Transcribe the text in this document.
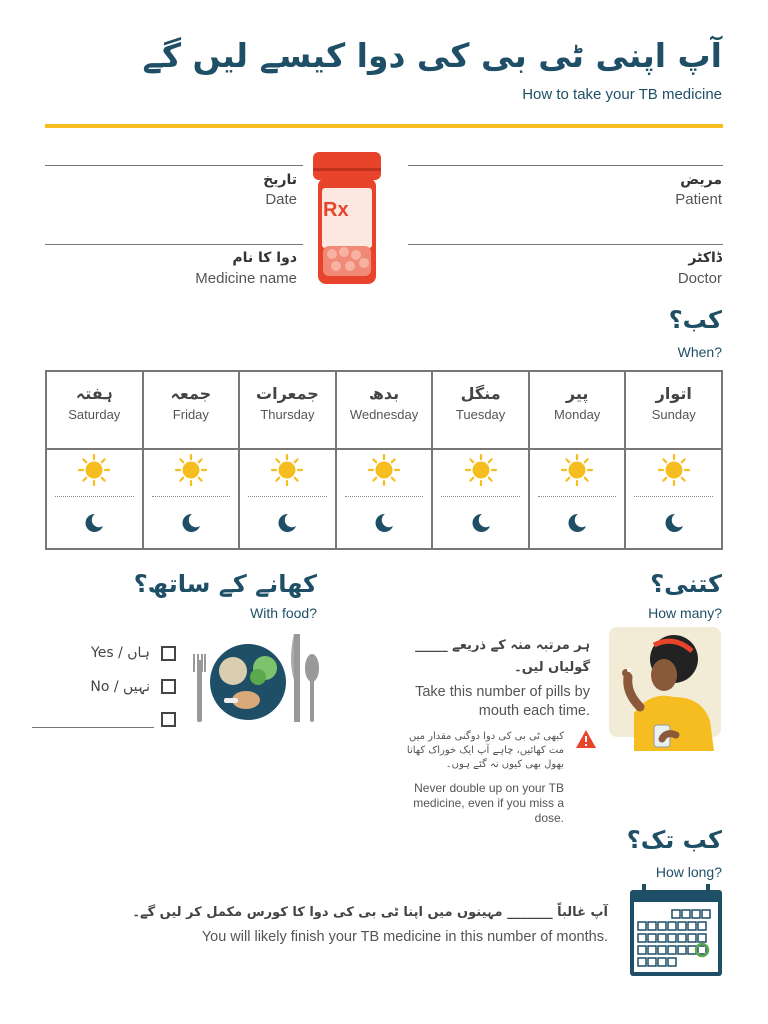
آپ اپنی ٹی بی کی دوا کیسے لیں گے
How to take your TB medicine
تاریخ
Date
دوا کا نام
Medicine name
مریض
Patient
ڈاکٹر
Doctor
Rx
کب؟
When?
ہفتہ
Saturday
جمعہ
Friday
جمعرات
Thursday
بدھ
Wednesday
منگل
Tuesday
پیر
Monday
اتوار
Sunday
کھانے کے ساتھ؟
With food?
Yes / ہاں
No / نہیں
کتنی؟
How many?
ہر مرتبہ منہ کے ذریعے _____ گولیاں لیں۔
Take this number of pills by mouth each time.
کبھی ٹی بی کی دوا دوگنی مقدار میں مت کھائیں، چاہے آپ ایک خوراک کھانا بھول بھی کیوں نہ گئے ہوں۔
Never double up on your TB medicine, even if you miss a dose.
کب تک؟
How long?
آپ غالباً _______ مہینوں میں اپنا ٹی بی کی دوا کا کورس مکمل کر لیں گے۔
You will likely finish your TB medicine in this number of months.
